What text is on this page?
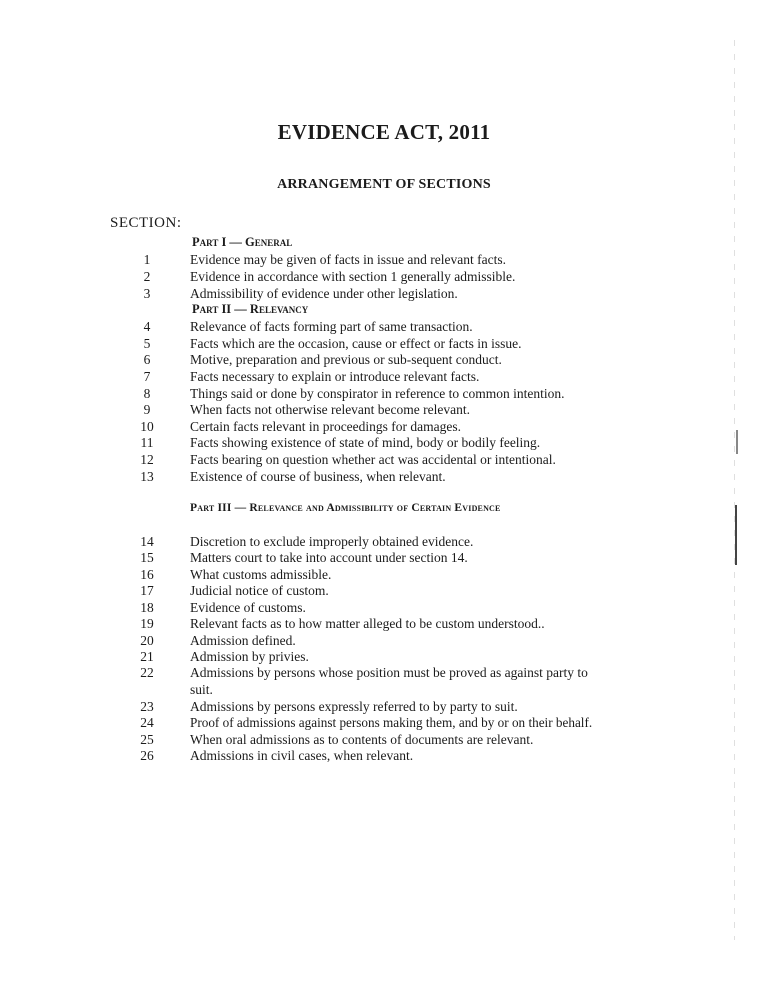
EVIDENCE ACT, 2011
ARRANGEMENT OF SECTIONS
SECTION:
Part I — General
Part II — Relevancy
Part III — Relevance and Admissibility of Certain Evidence
1	Evidence may be given of facts in issue and relevant facts.
2	Evidence in accordance with section 1 generally admissible.
3	Admissibility of evidence under other legislation.
4	Relevance of facts forming part of same transaction.
5	Facts which are the occasion, cause or effect or facts in issue.
6	Motive, preparation and previous or sub-sequent conduct.
7	Facts necessary to explain or introduce relevant facts.
8	Things said or done by conspirator in reference to common intention.
9	When facts not otherwise relevant become relevant.
10	Certain facts relevant in proceedings for damages.
11	Facts showing existence of state of mind, body or bodily feeling.
12	Facts bearing on question whether act was accidental or intentional.
13	Existence of course of business, when relevant.
14	Discretion to exclude improperly obtained evidence.
15	Matters court to take into account under section 14.
16	What customs admissible.
17	Judicial notice of custom.
18	Evidence of customs.
19	Relevant facts as to how matter alleged to be custom understood..
20	Admission defined.
21	Admission by privies.
22	Admissions by persons whose position must be proved as against party to
suit.
23	Admissions by persons expressly referred to by party to suit.
24	Proof of admissions against persons making them, and by or on their behalf.
25	When oral admissions as to contents of documents are relevant.
26	Admissions in civil cases, when relevant.
